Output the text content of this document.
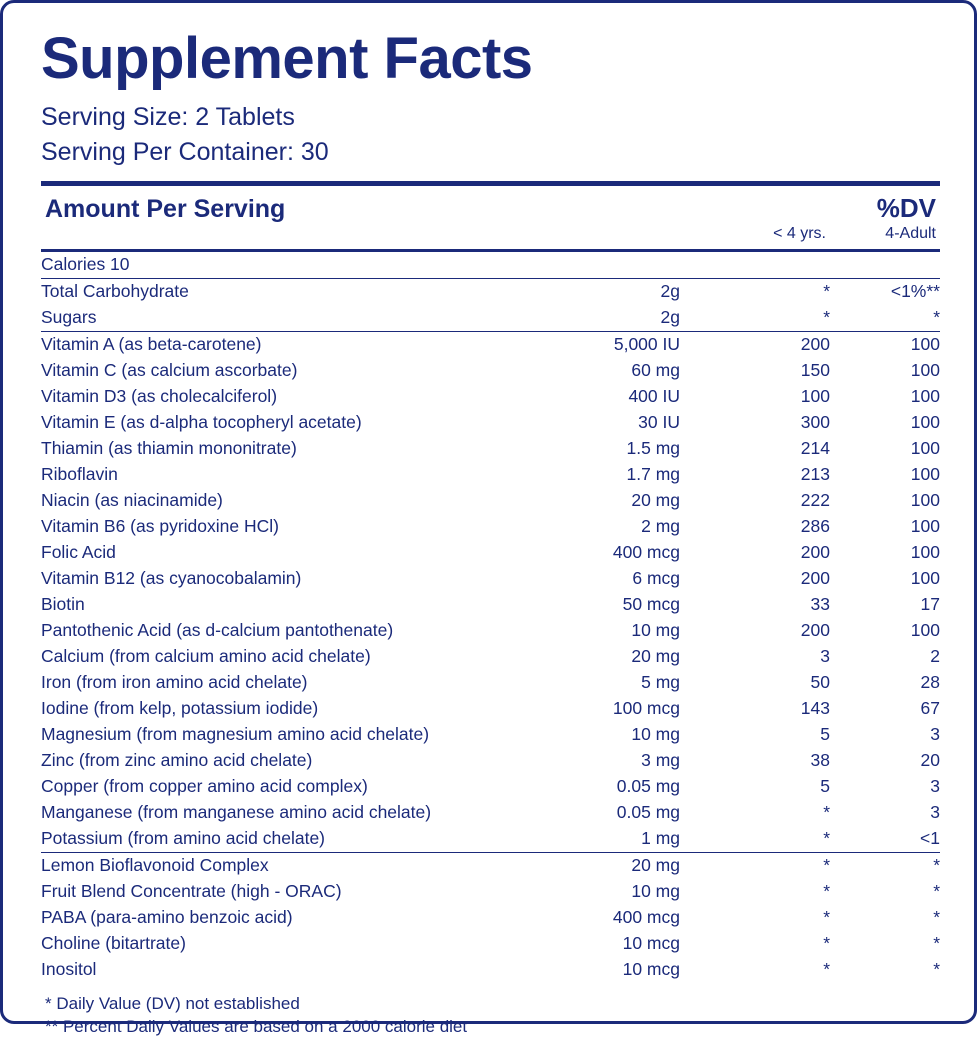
Supplement Facts
Serving Size: 2 Tablets
Serving Per Container: 30
Amount Per Serving	%DV
< 4 yrs.	4-Adult
Calories 10			
Total Carbohydrate	2g	*	<1%**
Sugars	2g	*	*
Vitamin A (as beta-carotene)	5,000 IU	200	100
Vitamin C (as calcium ascorbate)	60 mg	150	100
Vitamin D3 (as cholecalciferol)	400 IU	100	100
Vitamin E (as d-alpha tocopheryl acetate)	30 IU	300	100
Thiamin (as thiamin mononitrate)	1.5 mg	214	100
Riboflavin	1.7 mg	213	100
Niacin (as niacinamide)	20 mg	222	100
Vitamin B6 (as pyridoxine HCl)	2 mg	286	100
Folic Acid	400 mcg	200	100
Vitamin B12 (as cyanocobalamin)	6 mcg	200	100
Biotin	50 mcg	33	17
Pantothenic Acid (as d-calcium pantothenate)	10 mg	200	100
Calcium (from calcium amino acid chelate)	20 mg	3	2
Iron (from iron amino acid chelate)	5 mg	50	28
Iodine (from kelp, potassium iodide)	100 mcg	143	67
Magnesium (from magnesium amino acid chelate)	10 mg	5	3
Zinc (from zinc amino acid chelate)	3 mg	38	20
Copper (from copper amino acid complex)	0.05 mg	5	3
Manganese (from manganese amino acid chelate)	0.05 mg	*	3
Potassium (from amino acid chelate)	1 mg	*	<1
Lemon Bioflavonoid Complex	20 mg	*	*
Fruit Blend Concentrate (high - ORAC)	10 mg	*	*
PABA (para-amino benzoic acid)	400 mcg	*	*
Choline (bitartrate)	10 mcg	*	*
Inositol	10 mcg	*	*
* Daily Value (DV) not established
** Percent Daily Values are based on a 2000 calorie diet
